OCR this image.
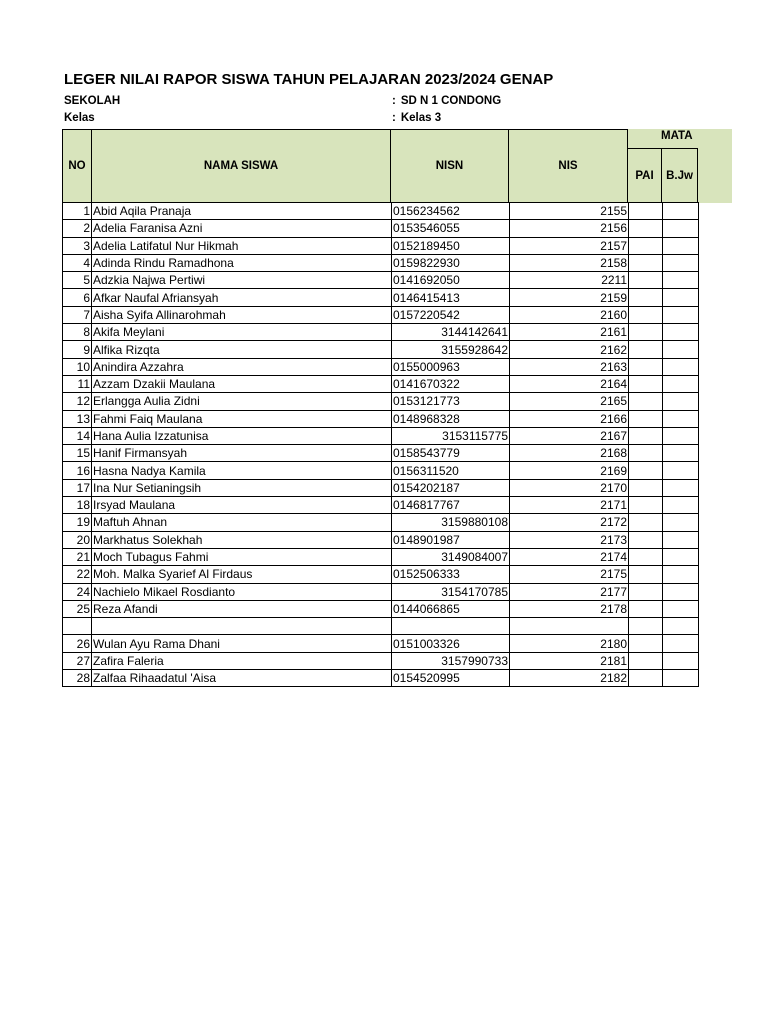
LEGER NILAI RAPOR SISWA TAHUN PELAJARAN 2023/2024 GENAP
SEKOLAH	: SD N 1 CONDONG
Kelas	: Kelas 3
NO	NAMA SISWA	NISN	NIS
MATA
PAI	B.Jw
1	Abid Aqila Pranaja	0156234562	2155		
2	Adelia Faranisa Azni	0153546055	2156		
3	Adelia Latifatul Nur Hikmah	0152189450	2157		
4	Adinda Rindu Ramadhona	0159822930	2158		
5	Adzkia Najwa Pertiwi	0141692050	2211		
6	Afkar Naufal Afriansyah	0146415413	2159		
7	Aisha Syifa Allinarohmah	0157220542	2160		
8	Akifa Meylani	3144142641	2161		
9	Alfika Rizqta	3155928642	2162		
10	Anindira Azzahra	0155000963	2163		
11	Azzam Dzakii Maulana	0141670322	2164		
12	Erlangga Aulia Zidni	0153121773	2165		
13	Fahmi Faiq Maulana	0148968328	2166		
14	Hana Aulia Izzatunisa	3153115775	2167		
15	Hanif Firmansyah	0158543779	2168		
16	Hasna Nadya Kamila	0156311520	2169		
17	Ina Nur Setianingsih	0154202187	2170		
18	Irsyad Maulana	0146817767	2171		
19	Maftuh Ahnan	3159880108	2172		
20	Markhatus Solekhah	0148901987	2173		
21	Moch Tubagus Fahmi	3149084007	2174		
22	Moh. Malka Syarief Al Firdaus	0152506333	2175		
24	Nachielo Mikael Rosdianto	3154170785	2177		
25	Reza Afandi	0144066865	2178		

26	Wulan Ayu Rama Dhani	0151003326	2180		
27	Zafira Faleria	3157990733	2181		
28	Zalfaa Rihaadatul 'Aisa	0154520995	2182		
